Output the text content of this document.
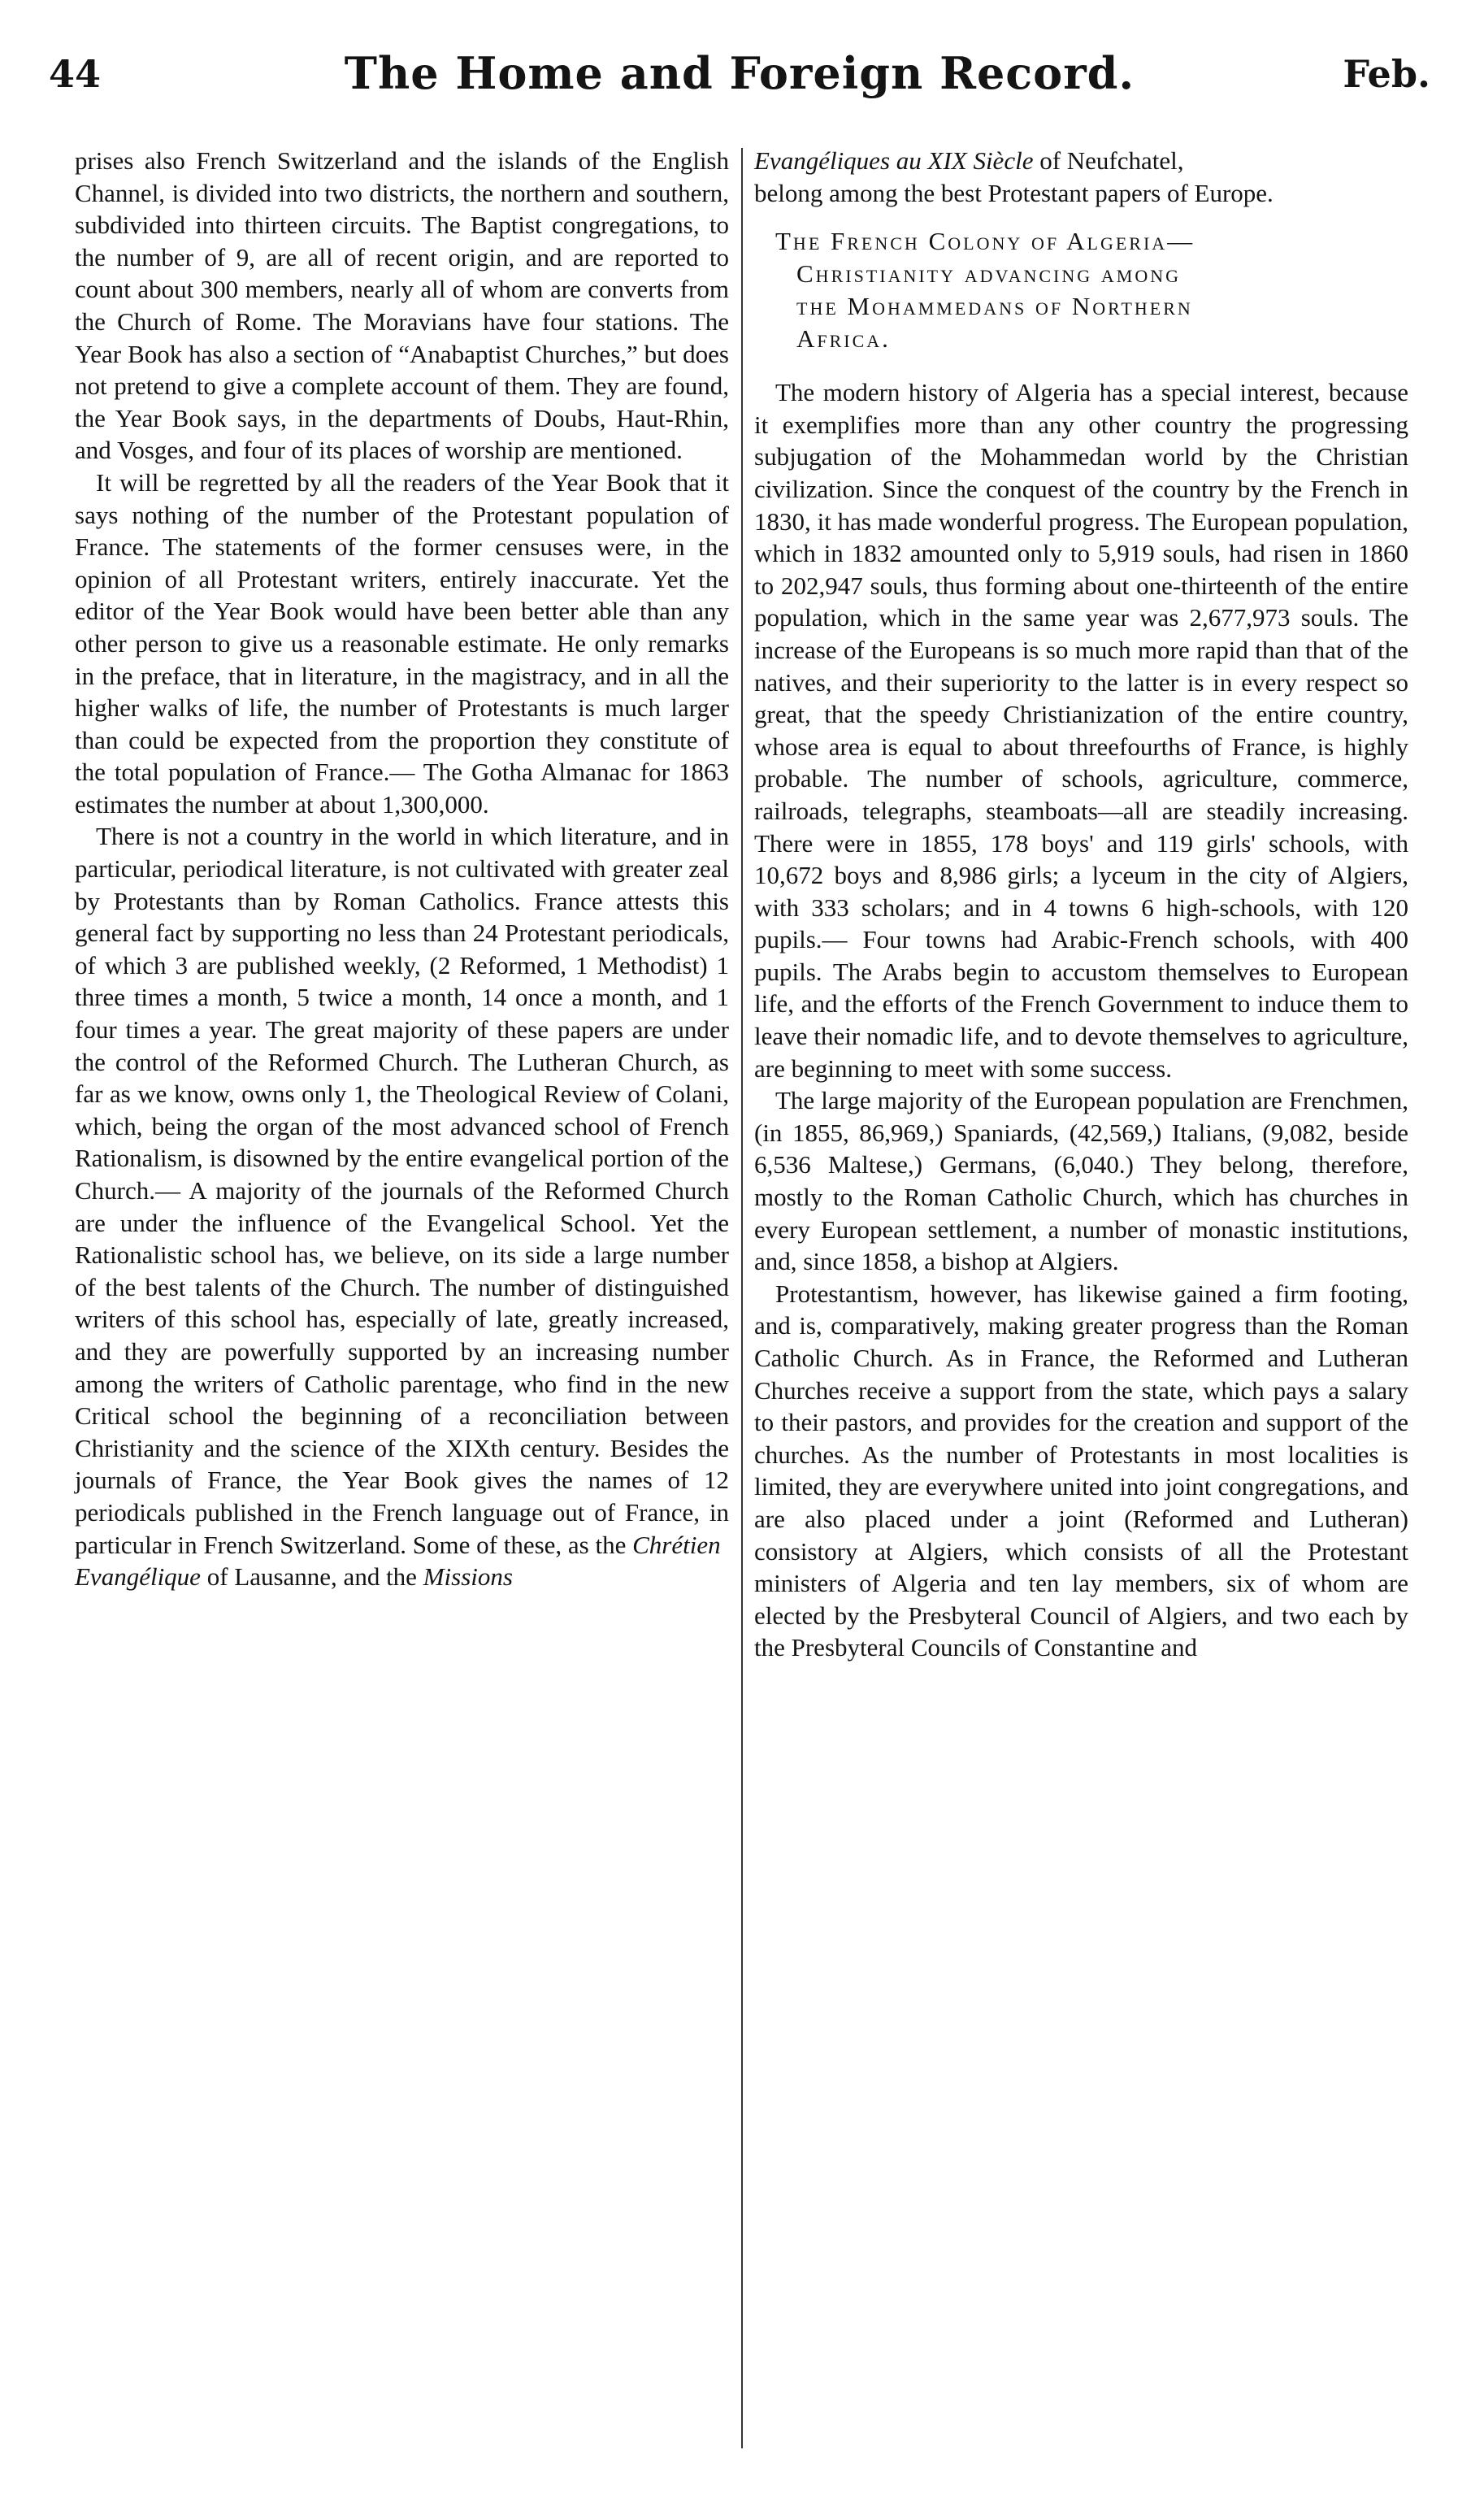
44	The Home and Foreign Record.	Feb.

prises also French Switzerland and the islands of the English Channel, is divided into two districts, the northern and southern, subdivided into thirteen circuits. The Baptist congregations, to the number of 9, are all of recent origin, and are reported to count about 300 members, nearly all of whom are converts from the Church of Rome. The Moravians have four stations. The Year Book has also a section of “Anabaptist Churches,” but does not pretend to give a complete account of them. They are found, the Year Book says, in the departments of Doubs, Haut-Rhin, and Vosges, and four of its places of worship are mentioned.

It will be regretted by all the readers of the Year Book that it says nothing of the number of the Protestant population of France. The statements of the former censuses were, in the opinion of all Protestant writers, entirely inaccurate. Yet the editor of the Year Book would have been better able than any other person to give us a reasonable estimate. He only remarks in the preface, that in literature, in the magistracy, and in all the higher walks of life, the number of Protestants is much larger than could be expected from the proportion they constitute of the total population of France.— The Gotha Almanac for 1863 estimates the number at about 1,300,000.

There is not a country in the world in which literature, and in particular, periodical literature, is not cultivated with greater zeal by Protestants than by Roman Catholics. France attests this general fact by supporting no less than 24 Protestant periodicals, of which 3 are published weekly, (2 Reformed, 1 Methodist) 1 three times a month, 5 twice a month, 14 once a month, and 1 four times a year. The great majority of these papers are under the control of the Reformed Church. The Lutheran Church, as far as we know, owns only 1, the Theological Review of Colani, which, being the organ of the most advanced school of French Rationalism, is disowned by the entire evangelical portion of the Church.— A majority of the journals of the Reformed Church are under the influence of the Evangelical School. Yet the Rationalistic school has, we believe, on its side a large number of the best talents of the Church. The number of distinguished writers of this school has, especially of late, greatly increased, and they are powerfully supported by an increasing number among the writers of Catholic parentage, who find in the new Critical school the beginning of a reconciliation between Christianity and the science of the XIXth century. Besides the journals of France, the Year Book gives the names of 12 periodicals published in the French language out of France, in particular in French Switzerland. Some of these, as the Chrétien
Evangélique of Lausanne, and the Missions

Evangéliques au XIX Siècle of Neufchatel,
belong among the best Protestant papers of Europe.

The French Colony of Algeria—
Christianity advancing among
the Mohammedans of Northern
Africa.

The modern history of Algeria has a special interest, because it exemplifies more than any other country the progressing subjugation of the Mohammedan world by the Christian civilization. Since the conquest of the country by the French in 1830, it has made wonderful progress. The European population, which in 1832 amounted only to 5,919 souls, had risen in 1860 to 202,947 souls, thus forming about one-thirteenth of the entire population, which in the same year was 2,677,973 souls. The increase of the Europeans is so much more rapid than that of the natives, and their superiority to the latter is in every respect so great, that the speedy Christianization of the entire country, whose area is equal to about threefourths of France, is highly probable. The number of schools, agriculture, commerce, railroads, telegraphs, steamboats—all are steadily increasing. There were in 1855, 178 boys' and 119 girls' schools, with 10,672 boys and 8,986 girls; a lyceum in the city of Algiers, with 333 scholars; and in 4 towns 6 high-schools, with 120 pupils.— Four towns had Arabic-French schools, with 400 pupils. The Arabs begin to accustom themselves to European life, and the efforts of the French Government to induce them to leave their nomadic life, and to devote themselves to agriculture, are beginning to meet with some success.

The large majority of the European population are Frenchmen, (in 1855, 86,969,) Spaniards, (42,569,) Italians, (9,082, beside 6,536 Maltese,) Germans, (6,040.) They belong, therefore, mostly to the Roman Catholic Church, which has churches in every European settlement, a number of monastic institutions, and, since 1858, a bishop at Algiers.

Protestantism, however, has likewise gained a firm footing, and is, comparatively, making greater progress than the Roman Catholic Church. As in France, the Reformed and Lutheran Churches receive a support from the state, which pays a salary to their pastors, and provides for the creation and support of the churches. As the number of Protestants in most localities is limited, they are everywhere united into joint congregations, and are also placed under a joint (Reformed and Lutheran) consistory at Algiers, which consists of all the Protestant ministers of Algeria and ten lay members, six of whom are elected by the Presbyteral Council of Algiers, and two each by the Presbyteral Councils of Constantine and
